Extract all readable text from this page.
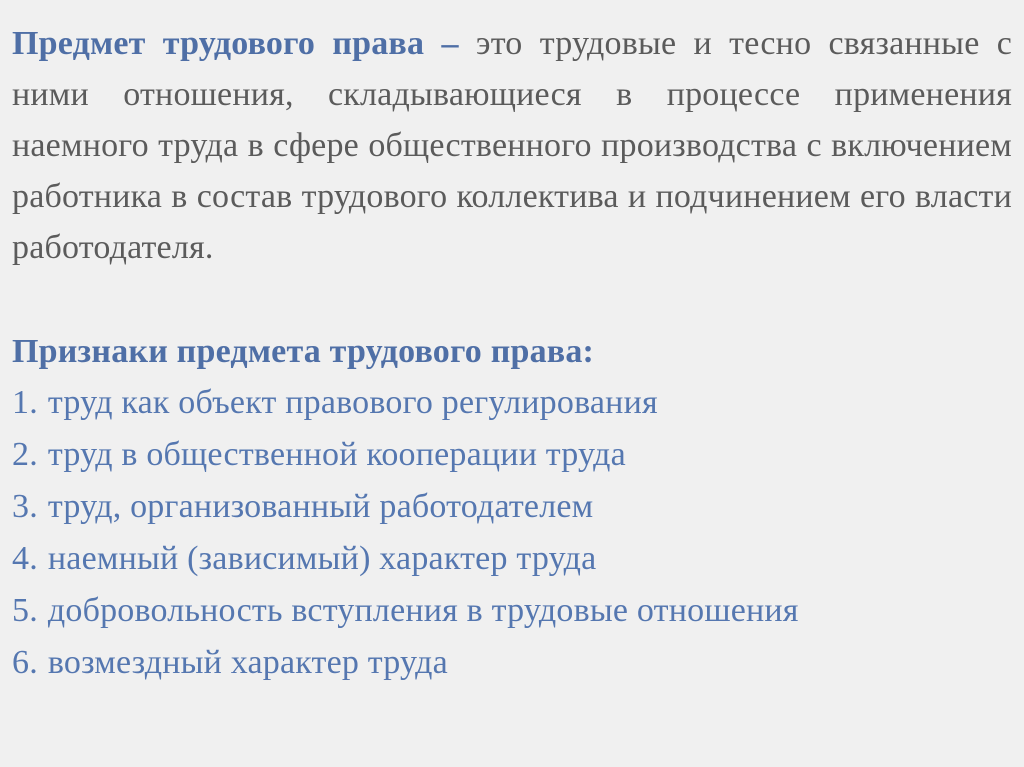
Предмет трудового права – это трудовые и тесно связанные с ними отношения, складывающиеся в процессе применения наемного труда в сфере общественного производства с включением работника в состав трудового коллектива и подчинением его власти работодателя.

Признаки предмета трудового права:
1. труд как объект правового регулирования
2. труд в общественной кооперации труда
3. труд, организованный работодателем
4. наемный (зависимый) характер труда
5. добровольность вступления в трудовые отношения
6. возмездный характер труда
